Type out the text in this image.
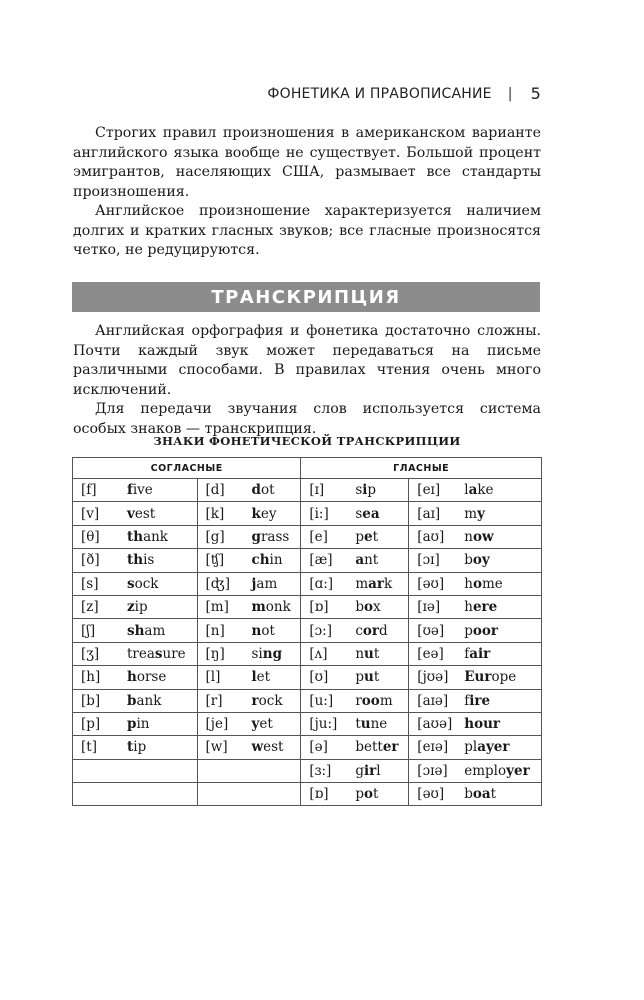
ФОНЕТИКА И ПРАВОПИСАНИЕ | 5

Строгих правил произношения в американском варианте английского языка вообще не существует. Большой процент эмигрантов, населяющих США, размывает все стандарты произношения.

Английское произношение характеризуется наличием долгих и кратких гласных звуков; все гласные произносятся четко, не редуцируются.

ТРАНСКРИПЦИЯ

Английская орфография и фонетика достаточно сложны. Почти каждый звук может передаваться на письме различными способами. В правилах чтения очень много исключений.

Для передачи звучания слов используется система особых знаков — транскрипция.

ЗНАКИ ФОНЕТИЧЕСКОЙ ТРАНСКРИПЦИИ
СОГЛАСНЫЕ				ГЛАСНЫЕ			
[f]	five	[d]	dot	[ɪ]	sip	[eɪ]	lake
[v]	vest	[k]	key	[i:]	sea	[aɪ]	my
[θ]	thank	[g]	grass	[e]	pet	[aʊ]	now
[ð]	this	[ʧ]	chin	[æ]	ant	[ɔɪ]	boy
[s]	sock	[ʤ]	jam	[ɑ:]	mark	[əʊ]	home
[z]	zip	[m]	monk	[ɒ]	box	[ɪə]	here
[ʃ]	sham	[n]	not	[ɔ:]	cord	[ʊə]	poor
[ʒ]	treasure	[ŋ]	sing	[ʌ]	nut	[eə]	fair
[h]	horse	[l]	let	[ʊ]	put	[jʊə]	Europe
[b]	bank	[r]	rock	[u:]	room	[aɪə]	fire
[p]	pin	[je]	yet	[ju:]	tune	[aʊə]	hour
[t]	tip	[w]	west	[ə]	better	[eɪə]	player
				[ɜ:]	girl	[ɔɪə]	employer
				[ɒ]	pot	[əʊ]	boat
